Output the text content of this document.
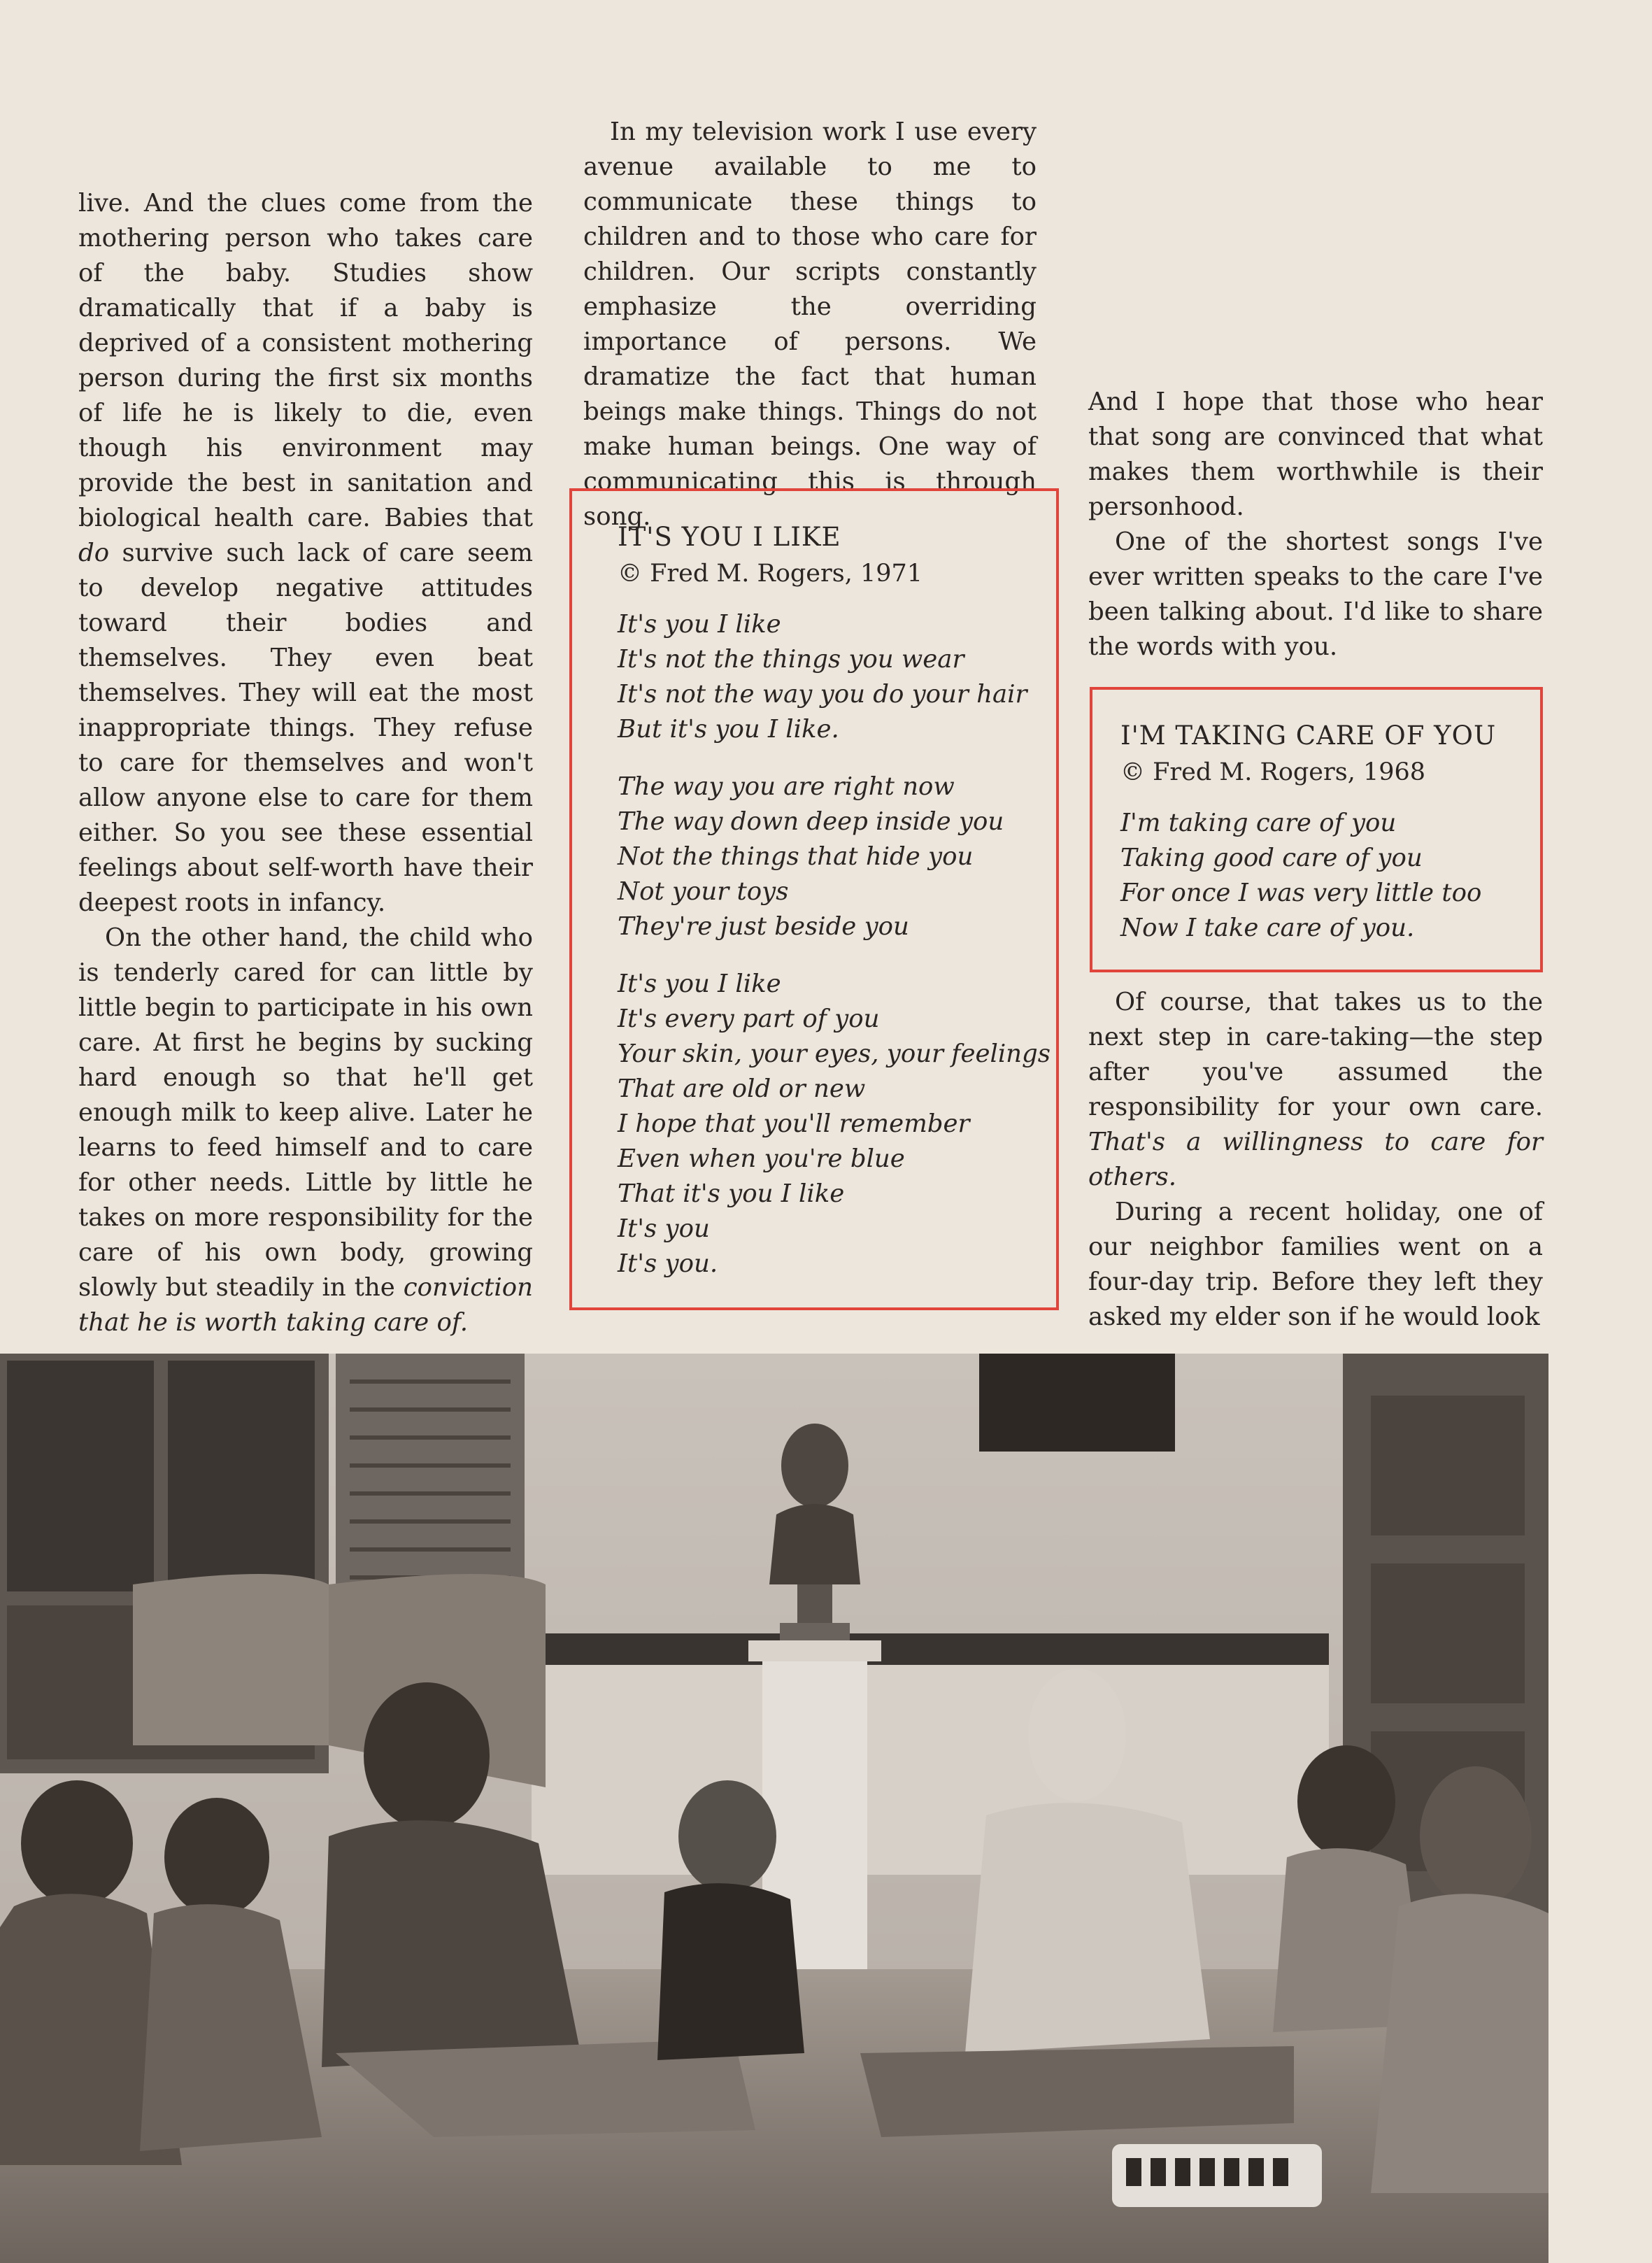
live. And the clues come from the mothering person who takes care of the baby. Studies show dramatically that if a baby is deprived of a consistent mothering person during the first six months of life he is likely to die, even though his environment may provide the best in sanitation and biological health care. Babies that do survive such lack of care seem to develop negative attitudes toward their bodies and themselves. They even beat themselves. They will eat the most inappropriate things. They refuse to care for themselves and won't allow anyone else to care for them either. So you see these essential feelings about self-worth have their deepest roots in infancy.

On the other hand, the child who is tenderly cared for can little by little begin to participate in his own care. At first he begins by sucking hard enough so that he'll get enough milk to keep alive. Later he learns to feed himself and to care for other needs. Little by little he takes on more responsibility for the care of his own body, growing slowly but steadily in the conviction that he is worth taking care of.

In my television work I use every avenue available to me to communicate these things to children and to those who care for children. Our scripts constantly emphasize the overriding importance of persons. We dramatize the fact that human beings make things. Things do not make human beings. One way of communicating this is through song.

IT'S YOU I LIKE
© Fred M. Rogers, 1971
It's you I like
It's not the things you wear
It's not the way you do your hair
But it's you I like.
The way you are right now
The way down deep inside you
Not the things that hide you
Not your toys
They're just beside you
It's you I like
It's every part of you
Your skin, your eyes, your feelings
That are old or new
I hope that you'll remember
Even when you're blue
That it's you I like
It's you
It's you.

And I hope that those who hear that song are convinced that what makes them worthwhile is their personhood.

One of the shortest songs I've ever written speaks to the care I've been talking about. I'd like to share the words with you.

I'M TAKING CARE OF YOU
© Fred M. Rogers, 1968
I'm taking care of you
Taking good care of you
For once I was very little too
Now I take care of you.

Of course, that takes us to the next step in care-taking—the step after you've assumed the responsibility for your own care. That's a willingness to care for others.

During a recent holiday, one of our neighbor families went on a four-day trip. Before they left they asked my elder son if he would look
